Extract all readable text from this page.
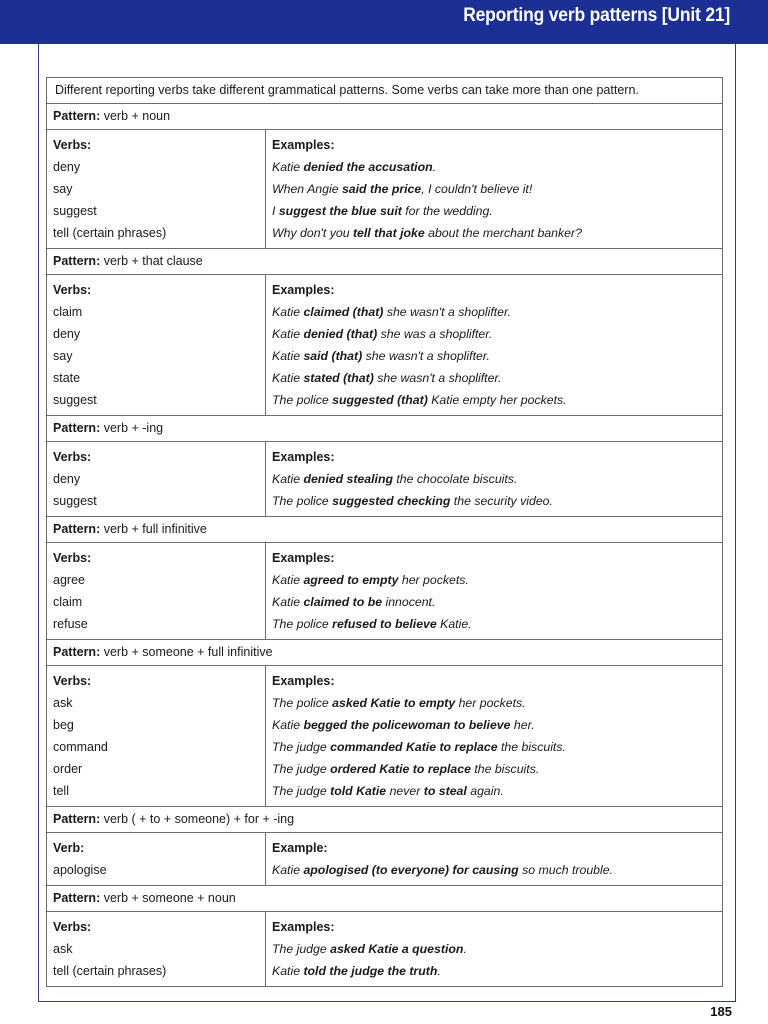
Reporting verb patterns [Unit 21]
Different reporting verbs take different grammatical patterns. Some verbs can take more than one pattern.
Pattern: verb + noun

Verbs:	Examples:
deny	Katie denied the accusation.
say	When Angie said the price, I couldn't believe it!
suggest	I suggest the blue suit for the wedding.
tell (certain phrases)	Why don't you tell that joke about the merchant banker?

Pattern: verb + that clause

Verbs:	Examples:
claim	Katie claimed (that) she wasn't a shoplifter.
deny	Katie denied (that) she was a shoplifter.
say	Katie said (that) she wasn't a shoplifter.
state	Katie stated (that) she wasn't a shoplifter.
suggest	The police suggested (that) Katie empty her pockets.

Pattern: verb + -ing

Verbs:	Examples:
deny	Katie denied stealing the chocolate biscuits.
suggest	The police suggested checking the security video.

Pattern: verb + full infinitive

Verbs:	Examples:
agree	Katie agreed to empty her pockets.
claim	Katie claimed to be innocent.
refuse	The police refused to believe Katie.

Pattern: verb + someone + full infinitive

Verbs:	Examples:
ask	The police asked Katie to empty her pockets.
beg	Katie begged the policewoman to believe her.
command	The judge commanded Katie to replace the biscuits.
order	The judge ordered Katie to replace the biscuits.
tell	The judge told Katie never to steal again.

Pattern: verb ( + to + someone) + for + -ing

Verb:	Example:
apologise	Katie apologised (to everyone) for causing so much trouble.

Pattern: verb + someone + noun

Verbs:	Examples:
ask	The judge asked Katie a question.
tell (certain phrases)	Katie told the judge the truth.

185
